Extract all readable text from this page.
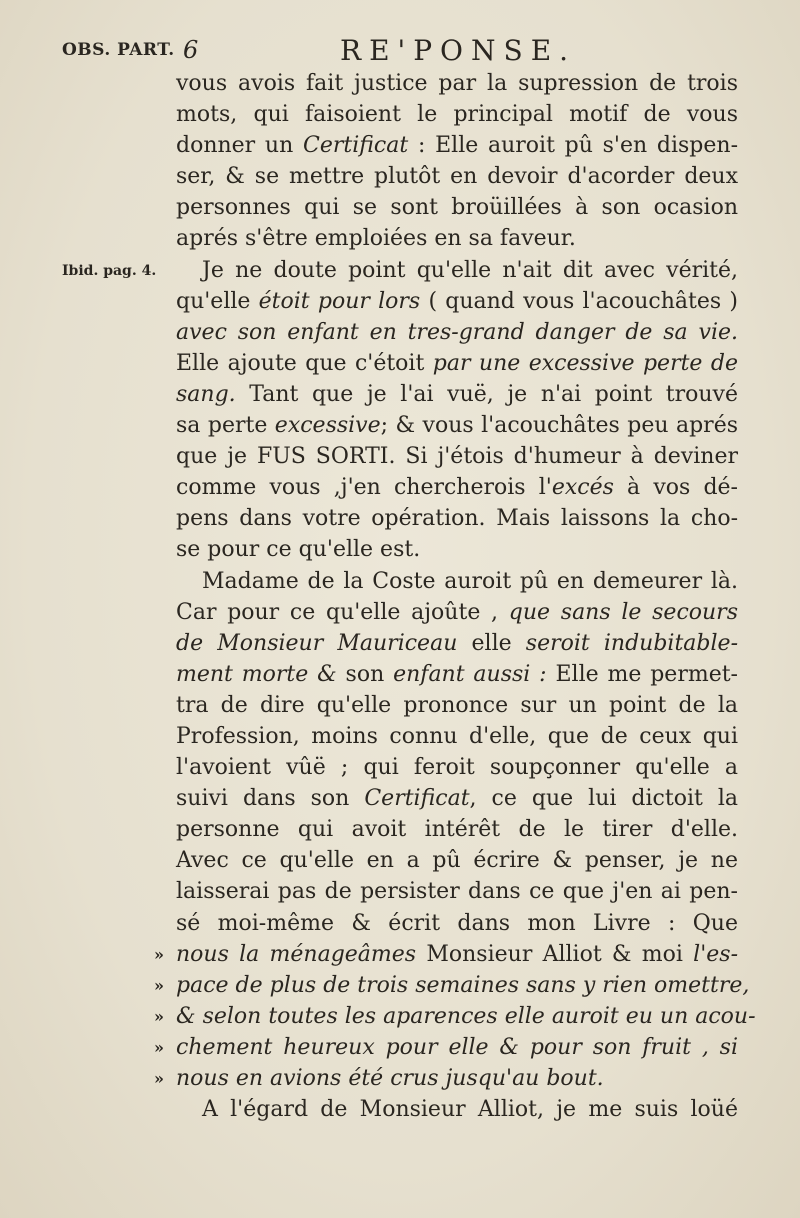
OBS. PART. 6	RE'PONSE.
Ibid. pag. 4.
»
»
»
»
»
vous avois fait justice par la supression de trois
mots, qui faisoient le principal motif de vous
donner un Certificat : Elle auroit pû s'en dispen-
ser, & se mettre plutôt en devoir d'acorder deux
personnes qui se sont broüillées à son ocasion
aprés s'être emploiées en sa faveur.
Je ne doute point qu'elle n'ait dit avec vérité,
qu'elle étoit pour lors ( quand vous l'acouchâtes )
avec son enfant en tres-grand danger de sa vie.
Elle ajoute que c'étoit par une excessive perte de
sang. Tant que je l'ai vuë, je n'ai point trouvé
sa perte excessive; & vous l'acouchâtes peu aprés
que je FUS SORTI. Si j'étois d'humeur à deviner
comme vous ,j'en chercherois l'excés à vos dé-
pens dans votre opération. Mais laissons la cho-
se pour ce qu'elle est.
Madame de la Coste auroit pû en demeurer là.
Car pour ce qu'elle ajoûte , que sans le secours
de Monsieur Mauriceau elle seroit indubitable-
ment morte & son enfant aussi : Elle me permet-
tra de dire qu'elle prononce sur un point de la
Profession, moins connu d'elle, que de ceux qui
l'avoient vûë ; qui feroit soupçonner qu'elle a
suivi dans son Certificat, ce que lui dictoit la
personne qui avoit intérêt de le tirer d'elle.
Avec ce qu'elle en a pû écrire & penser, je ne
laisserai pas de persister dans ce que j'en ai pen-
sé moi-même & écrit dans mon Livre : Que
nous la ménageâmes Monsieur Alliot & moi l'es-
pace de plus de trois semaines sans y rien omettre,
& selon toutes les aparences elle auroit eu un acou-
chement heureux pour elle & pour son fruit , si
nous en avions été crus jusqu'au bout.
A l'égard de Monsieur Alliot, je me suis loüé
